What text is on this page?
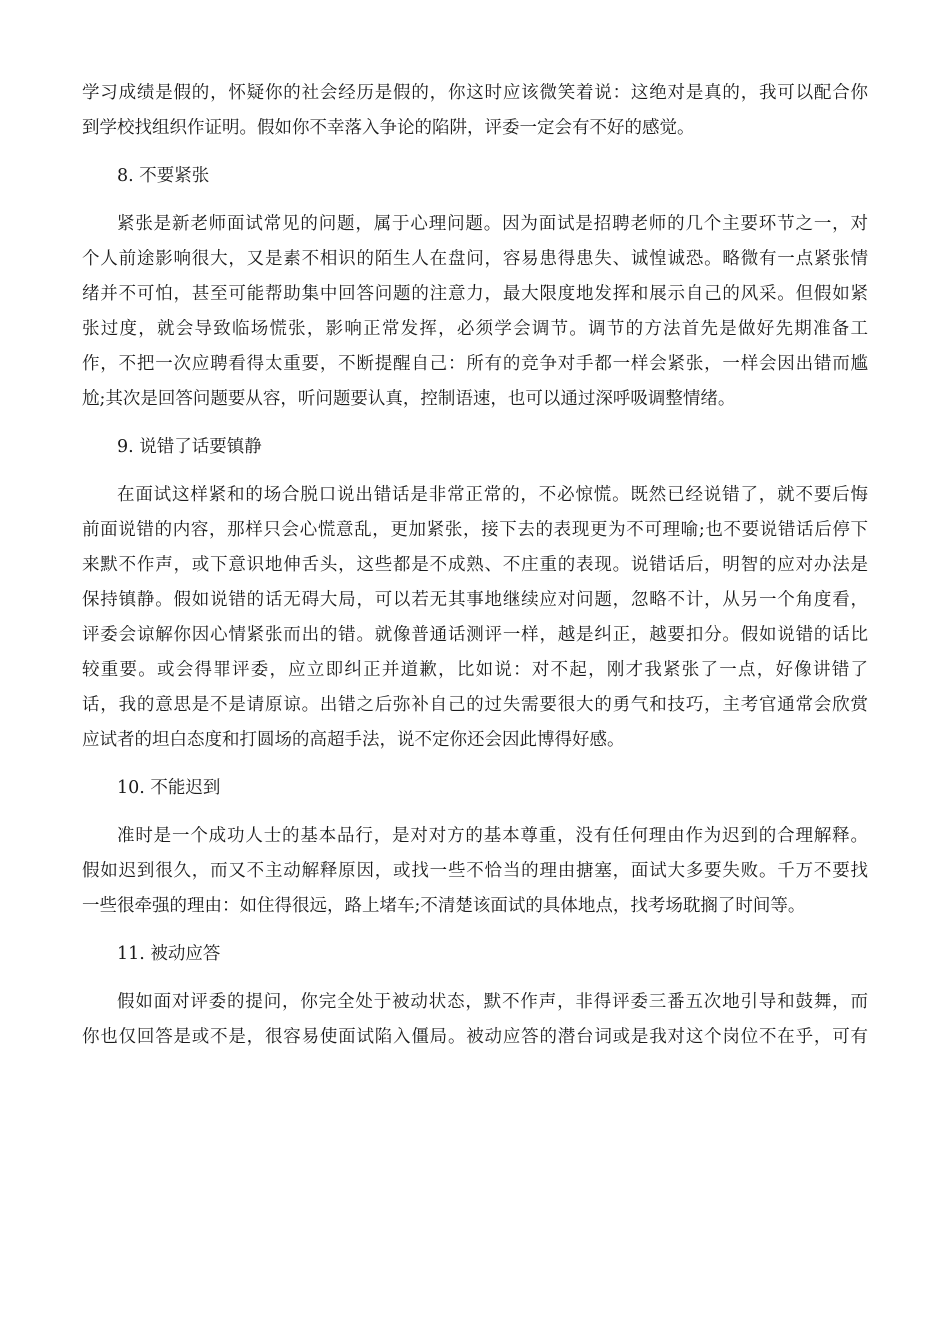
学习成绩是假的，怀疑你的社会经历是假的，你这时应该微笑着说：这绝对是真的，我可以配合你
到学校找组织作证明。假如你不幸落入争论的陷阱，评委一定会有不好的感觉。
8. 不要紧张
紧张是新老师面试常见的问题，属于心理问题。因为面试是招聘老师的几个主要环节之一，对
个人前途影响很大，又是素不相识的陌生人在盘问，容易患得患失、诚惶诚恐。略微有一点紧张情
绪并不可怕，甚至可能帮助集中回答问题的注意力，最大限度地发挥和展示自己的风采。但假如紧
张过度，就会导致临场慌张，影响正常发挥，必须学会调节。调节的方法首先是做好先期准备工
作，不把一次应聘看得太重要，不断提醒自己：所有的竞争对手都一样会紧张，一样会因出错而尴
尬;其次是回答问题要从容，听问题要认真，控制语速，也可以通过深呼吸调整情绪。
9. 说错了话要镇静
在面试这样紧和的场合脱口说出错话是非常正常的，不必惊慌。既然已经说错了，就不要后悔
前面说错的内容，那样只会心慌意乱，更加紧张，接下去的表现更为不可理喻;也不要说错话后停下
来默不作声，或下意识地伸舌头，这些都是不成熟、不庄重的表现。说错话后，明智的应对办法是
保持镇静。假如说错的话无碍大局，可以若无其事地继续应对问题，忽略不计，从另一个角度看，
评委会谅解你因心情紧张而出的错。就像普通话测评一样，越是纠正，越要扣分。假如说错的话比
较重要。或会得罪评委，应立即纠正并道歉，比如说：对不起，刚才我紧张了一点，好像讲错了
话，我的意思是不是请原谅。出错之后弥补自己的过失需要很大的勇气和技巧，主考官通常会欣赏
应试者的坦白态度和打圆场的高超手法，说不定你还会因此博得好感。
10. 不能迟到
准时是一个成功人士的基本品行，是对对方的基本尊重，没有任何理由作为迟到的合理解释。
假如迟到很久，而又不主动解释原因，或找一些不恰当的理由搪塞，面试大多要失败。千万不要找
一些很牵强的理由：如住得很远，路上堵车;不清楚该面试的具体地点，找考场耽搁了时间等。
11. 被动应答
假如面对评委的提问，你完全处于被动状态，默不作声，非得评委三番五次地引导和鼓舞，而
你也仅回答是或不是，很容易使面试陷入僵局。被动应答的潜台词或是我对这个岗位不在乎，可有
